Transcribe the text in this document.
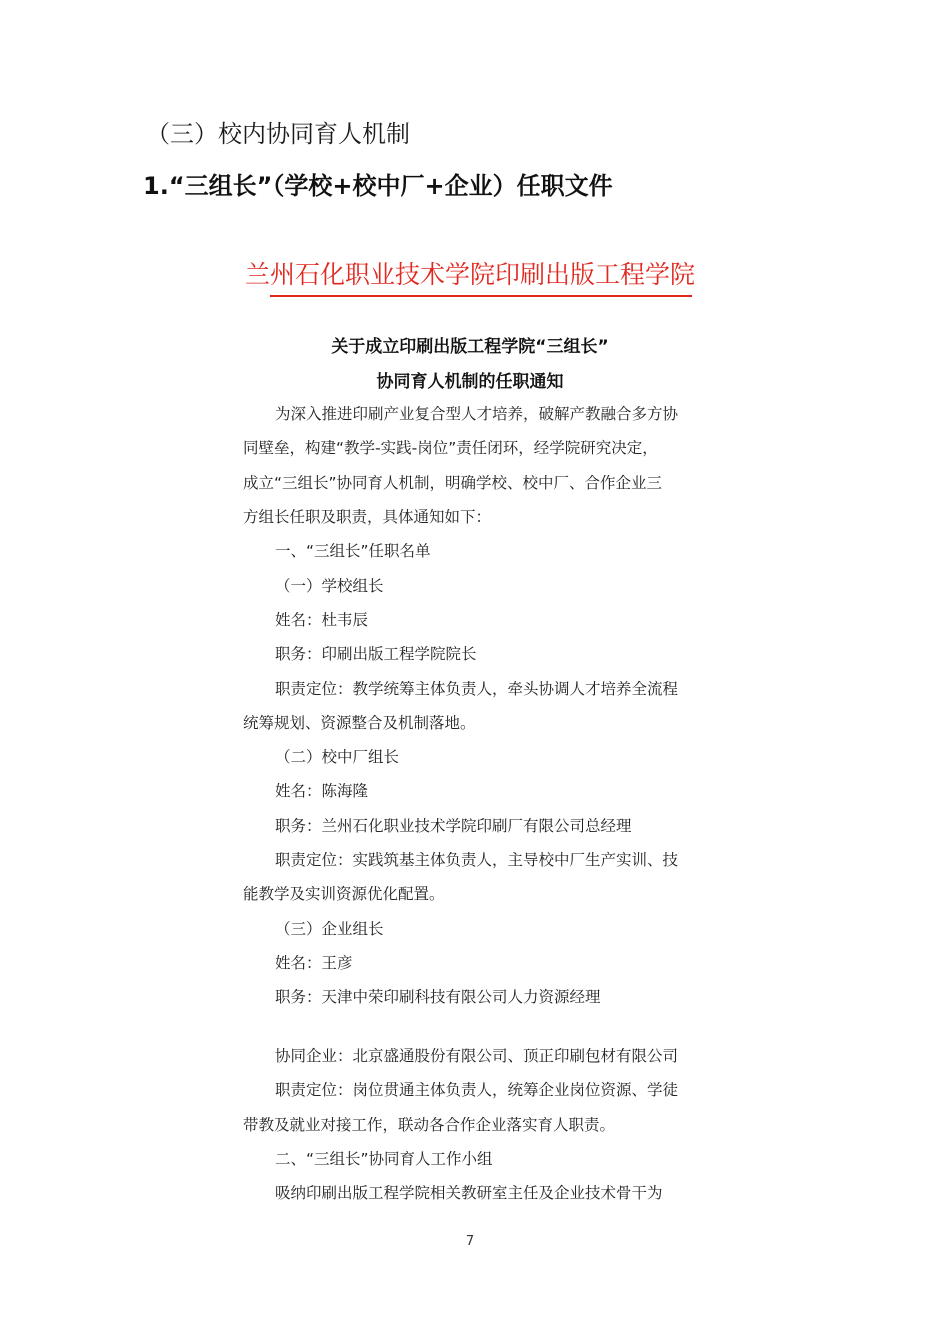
（三）校内协同育人机制
1.“三组长”（学校+校中厂+企业）任职文件
兰州石化职业技术学院印刷出版工程学院
关于成立印刷出版工程学院“三组长”
协同育人机制的任职通知
为深入推进印刷产业复合型人才培养，破解产教融合多方协
同壁垒，构建“教学-实践-岗位”责任闭环，经学院研究决定，
成立“三组长”协同育人机制，明确学校、校中厂、合作企业三
方组长任职及职责，具体通知如下：
一、“三组长”任职名单
（一）学校组长
姓名：杜韦辰
职务：印刷出版工程学院院长
职责定位：教学统筹主体负责人，牵头协调人才培养全流程
统筹规划、资源整合及机制落地。
（二）校中厂组长
姓名：陈海隆
职务：兰州石化职业技术学院印刷厂有限公司总经理
职责定位：实践筑基主体负责人，主导校中厂生产实训、技
能教学及实训资源优化配置。
（三）企业组长
姓名：王彦
职务：天津中荣印刷科技有限公司人力资源经理
协同企业：北京盛通股份有限公司、顶正印刷包材有限公司
职责定位：岗位贯通主体负责人，统筹企业岗位资源、学徒
带教及就业对接工作，联动各合作企业落实育人职责。
二、“三组长”协同育人工作小组
吸纳印刷出版工程学院相关教研室主任及企业技术骨干为
7
